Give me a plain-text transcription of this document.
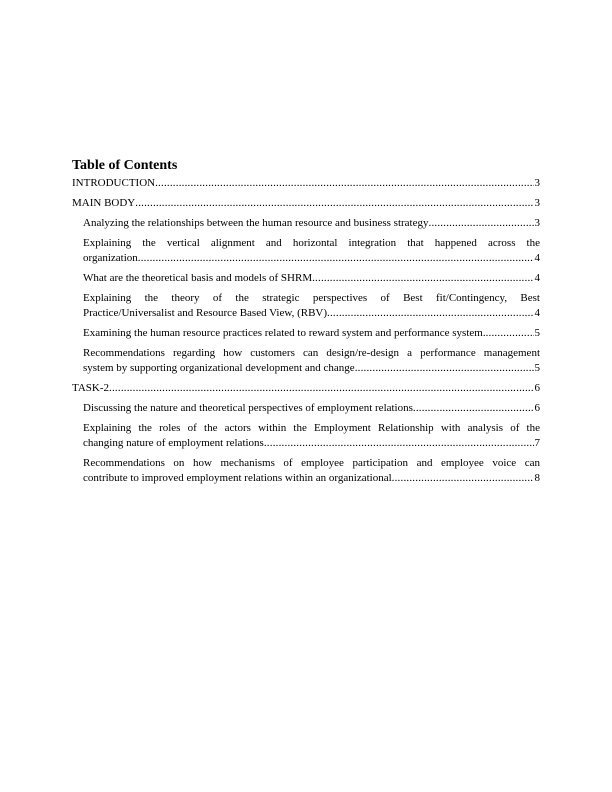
Table of Contents
INTRODUCTION .....	3
MAIN BODY .....	3
Analyzing the relationships between the human resource and business strategy .....	3
Explaining the vertical alignment and horizontal integration that happened across the
organization .....	4
What are the theoretical basis and models of SHRM .....	4
Explaining the theory of the strategic perspectives of Best fit/Contingency, Best
Practice/Universalist and Resource Based View, (RBV) .....	4
Examining the human resource practices related to reward system and performance system. .....	5
Recommendations regarding how customers can design/re-design a performance management
system by supporting organizational development and change .....	5
TASK-2 .....	6
Discussing the nature and theoretical perspectives of employment relations .....	6
Explaining the roles of the actors within the Employment Relationship with analysis of the
changing nature of employment relations .....	7
Recommendations on how mechanisms of employee participation and employee voice can
contribute to improved employment relations within an organizational .....	8
